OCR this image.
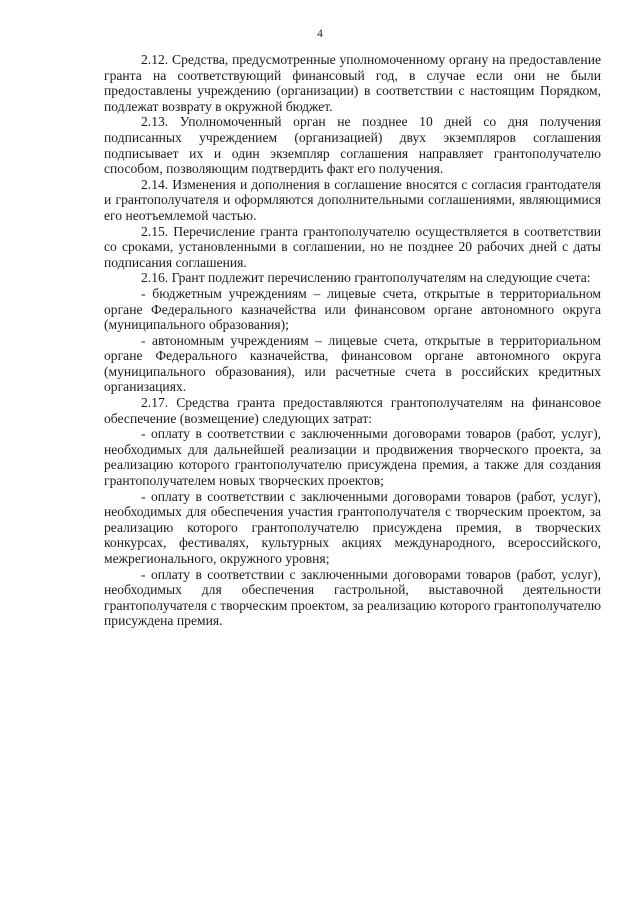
4

2.12. Средства, предусмотренные уполномоченному органу на предоставление гранта на соответствующий финансовый год, в случае если они не были предоставлены учреждению (организации) в соответствии с настоящим Порядком, подлежат возврату в окружной бюджет.

2.13. Уполномоченный орган не позднее 10 дней со дня получения подписанных учреждением (организацией) двух экземпляров соглашения подписывает их и один экземпляр соглашения направляет грантополучателю способом, позволяющим подтвердить факт его получения.

2.14. Изменения и дополнения в соглашение вносятся с согласия грантодателя и грантополучателя и оформляются дополнительными соглашениями, являющимися его неотъемлемой частью.

2.15. Перечисление гранта грантополучателю осуществляется в соответствии со сроками, установленными в соглашении, но не позднее 20 рабочих дней с даты подписания соглашения.

2.16. Грант подлежит перечислению грантополучателям на следующие счета:

- бюджетным учреждениям – лицевые счета, открытые в территориальном органе Федерального казначейства или финансовом органе автономного округа (муниципального образования);

- автономным учреждениям – лицевые счета, открытые в территориальном органе Федерального казначейства, финансовом органе автономного округа (муниципального образования), или расчетные счета в российских кредитных организациях.

2.17. Средства гранта предоставляются грантополучателям на финансовое обеспечение (возмещение) следующих затрат:

- оплату в соответствии с заключенными договорами товаров (работ, услуг), необходимых для дальнейшей реализации и продвижения творческого проекта, за реализацию которого грантополучателю присуждена премия, а также для создания грантополучателем новых творческих проектов;

- оплату в соответствии с заключенными договорами товаров (работ, услуг), необходимых для обеспечения участия грантополучателя с творческим проектом, за реализацию которого грантополучателю присуждена премия, в творческих конкурсах, фестивалях, культурных акциях международного, всероссийского, межрегионального, окружного уровня;

- оплату в соответствии с заключенными договорами товаров (работ, услуг), необходимых для обеспечения гастрольной, выставочной деятельности грантополучателя с творческим проектом, за реализацию которого грантополучателю присуждена премия.
